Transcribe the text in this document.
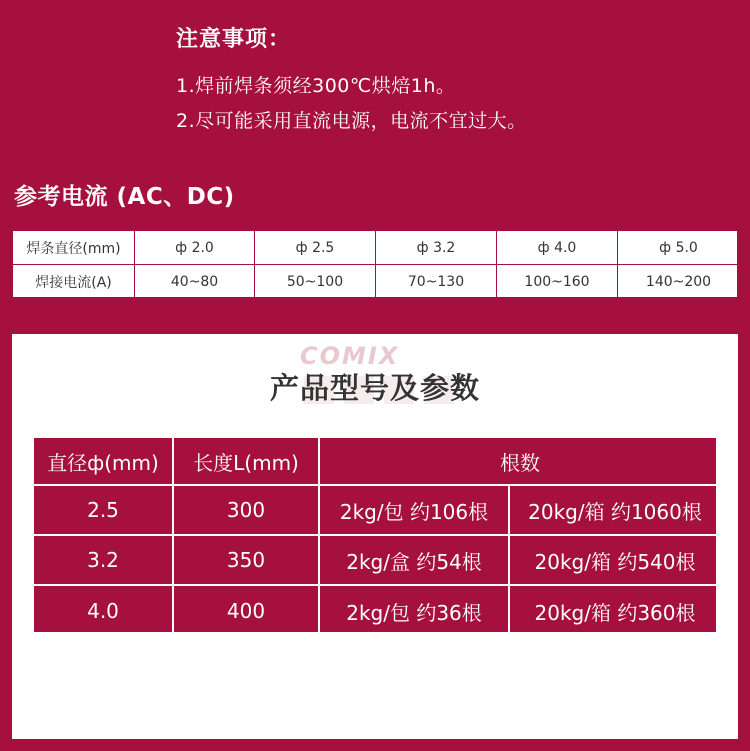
注意事项：
1.焊前焊条须经300℃烘焙1h。
2.尽可能采用直流电源，电流不宜过大。
参考电流 (AC、DC)
焊条直径(mm)	ф 2.0	ф 2.5	ф 3.2	ф 4.0	ф 5.0
焊接电流(A)	40~80	50~100	70~130	100~160	140~200
COMIX
产品型号及参数
直径ф(mm)	长度L(mm)	根数
2.5	300	2kg/包 约106根	20kg/箱 约1060根
3.2	350	2kg/盒 约54根	20kg/箱 约540根
4.0	400	2kg/包 约36根	20kg/箱 约360根
